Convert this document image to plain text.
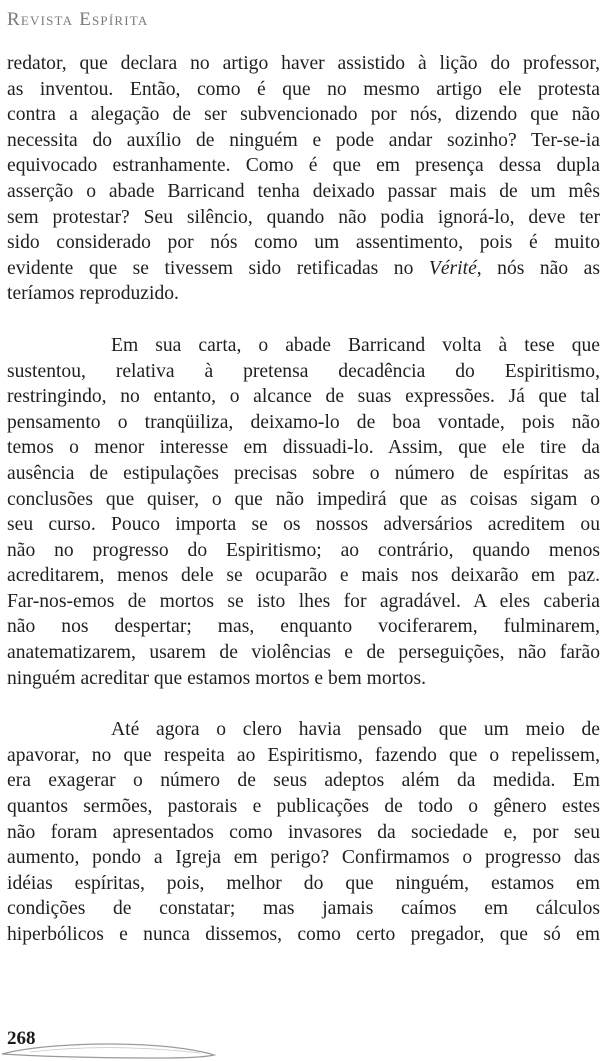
Revista Espírita

redator, que declara no artigo haver assistido à lição do professor,
as inventou. Então, como é que no mesmo artigo ele protesta
contra a alegação de ser subvencionado por nós, dizendo que não
necessita do auxílio de ninguém e pode andar sozinho? Ter-se-ia
equivocado estranhamente. Como é que em presença dessa dupla
asserção o abade Barricand tenha deixado passar mais de um mês
sem protestar? Seu silêncio, quando não podia ignorá-lo, deve ter
sido considerado por nós como um assentimento, pois é muito
evidente que se tivessem sido retificadas no Vérité, nós não as
teríamos reproduzido.

Em sua carta, o abade Barricand volta à tese que
sustentou, relativa à pretensa decadência do Espiritismo,
restringindo, no entanto, o alcance de suas expressões. Já que tal
pensamento o tranqüiliza, deixamo-lo de boa vontade, pois não
temos o menor interesse em dissuadi-lo. Assim, que ele tire da
ausência de estipulações precisas sobre o número de espíritas as
conclusões que quiser, o que não impedirá que as coisas sigam o
seu curso. Pouco importa se os nossos adversários acreditem ou
não no progresso do Espiritismo; ao contrário, quando menos
acreditarem, menos dele se ocuparão e mais nos deixarão em paz.
Far-nos-emos de mortos se isto lhes for agradável. A eles caberia
não nos despertar; mas, enquanto vociferarem, fulminarem,
anatematizarem, usarem de violências e de perseguições, não farão
ninguém acreditar que estamos mortos e bem mortos.

Até agora o clero havia pensado que um meio de
apavorar, no que respeita ao Espiritismo, fazendo que o repelissem,
era exagerar o número de seus adeptos além da medida. Em
quantos sermões, pastorais e publicações de todo o gênero estes
não foram apresentados como invasores da sociedade e, por seu
aumento, pondo a Igreja em perigo? Confirmamos o progresso das
idéias espíritas, pois, melhor do que ninguém, estamos em
condições de constatar; mas jamais caímos em cálculos
hiperbólicos e nunca dissemos, como certo pregador, que só em

268
